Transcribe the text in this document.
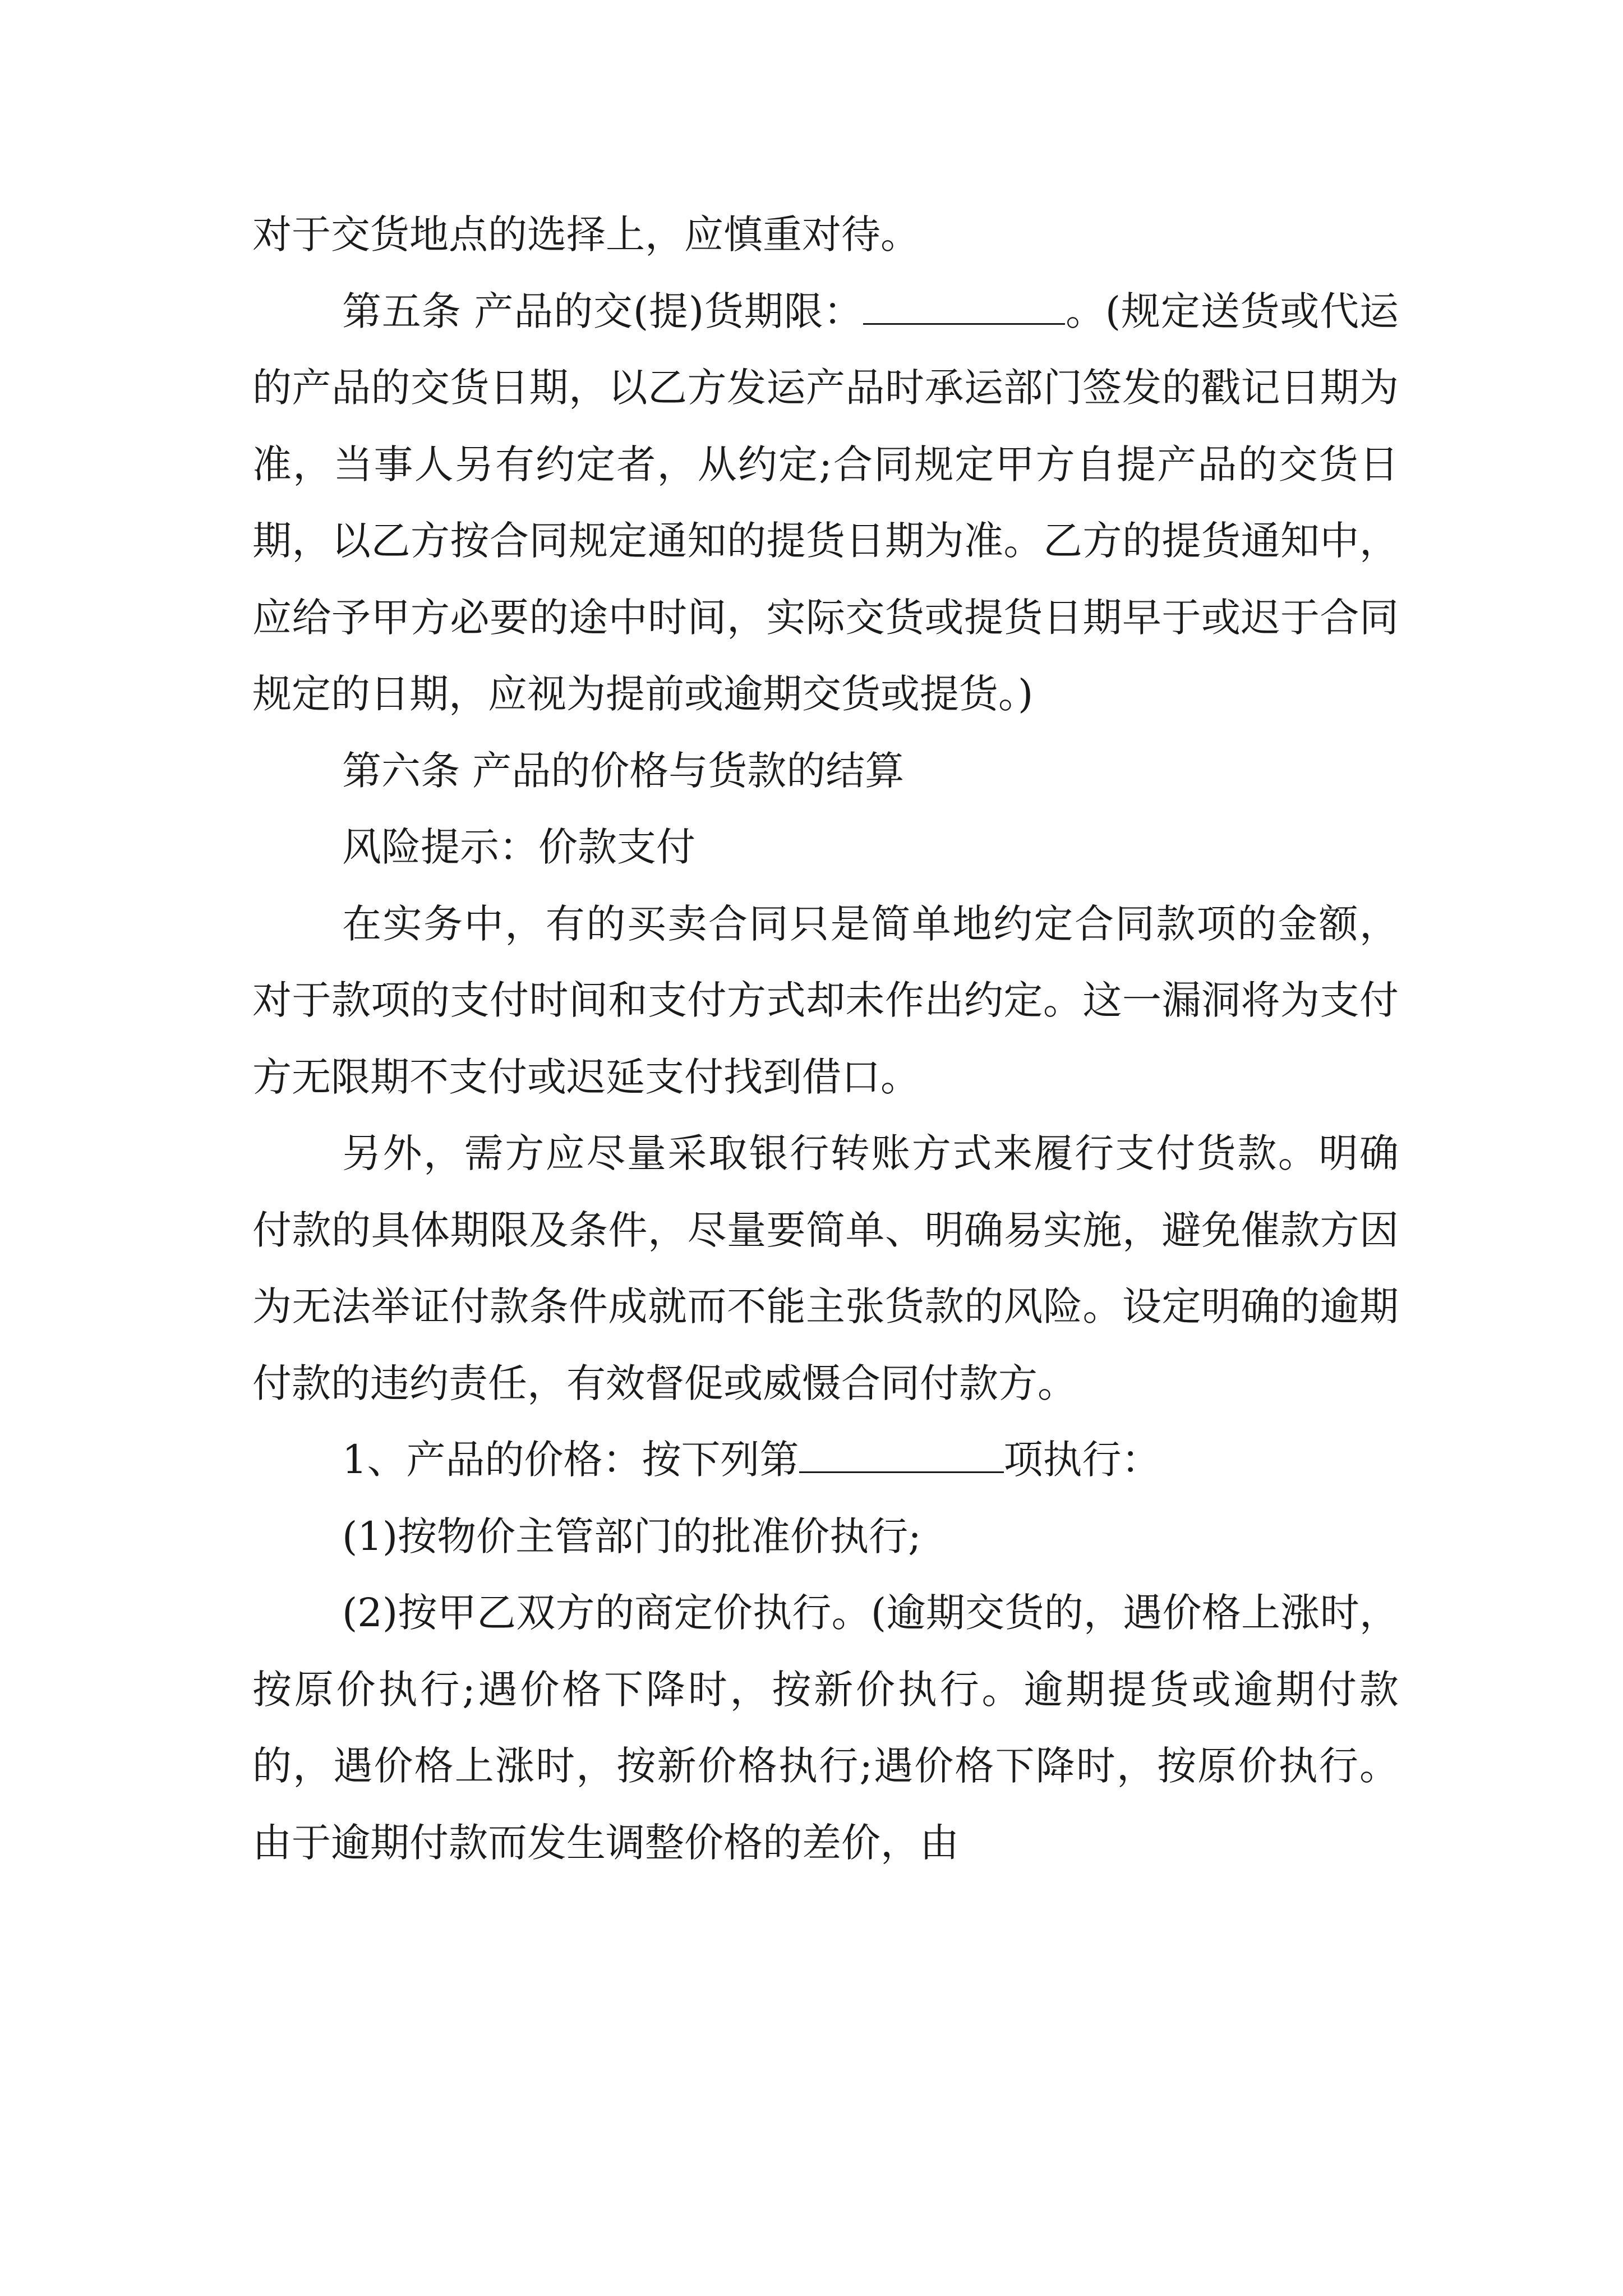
对于交货地点的选择上，应慎重对待。

第五条 产品的交(提)货期限：	。(规定送货或代运的产品的交货日期，以乙方发运产品时承运部门签发的戳记日期为准，当事人另有约定者，从约定;合同规定甲方自提产品的交货日期，以乙方按合同规定通知的提货日期为准。乙方的提货通知中，应给予甲方必要的途中时间，实际交货或提货日期早于或迟于合同规定的日期，应视为提前或逾期交货或提货。)

第六条 产品的价格与货款的结算

风险提示：价款支付

在实务中，有的买卖合同只是简单地约定合同款项的金额，对于款项的支付时间和支付方式却未作出约定。这一漏洞将为支付方无限期不支付或迟延支付找到借口。

另外，需方应尽量采取银行转账方式来履行支付货款。明确付款的具体期限及条件，尽量要简单、明确易实施，避免催款方因为无法举证付款条件成就而不能主张货款的风险。设定明确的逾期付款的违约责任，有效督促或威慑合同付款方。

1、产品的价格：按下列第	项执行：

(1)按物价主管部门的批准价执行;

(2)按甲乙双方的商定价执行。(逾期交货的，遇价格上涨时，按原价执行;遇价格下降时，按新价执行。逾期提货或逾期付款的，遇价格上涨时，按新价格执行;遇价格下降时，按原价执行。由于逾期付款而发生调整价格的差价，由
